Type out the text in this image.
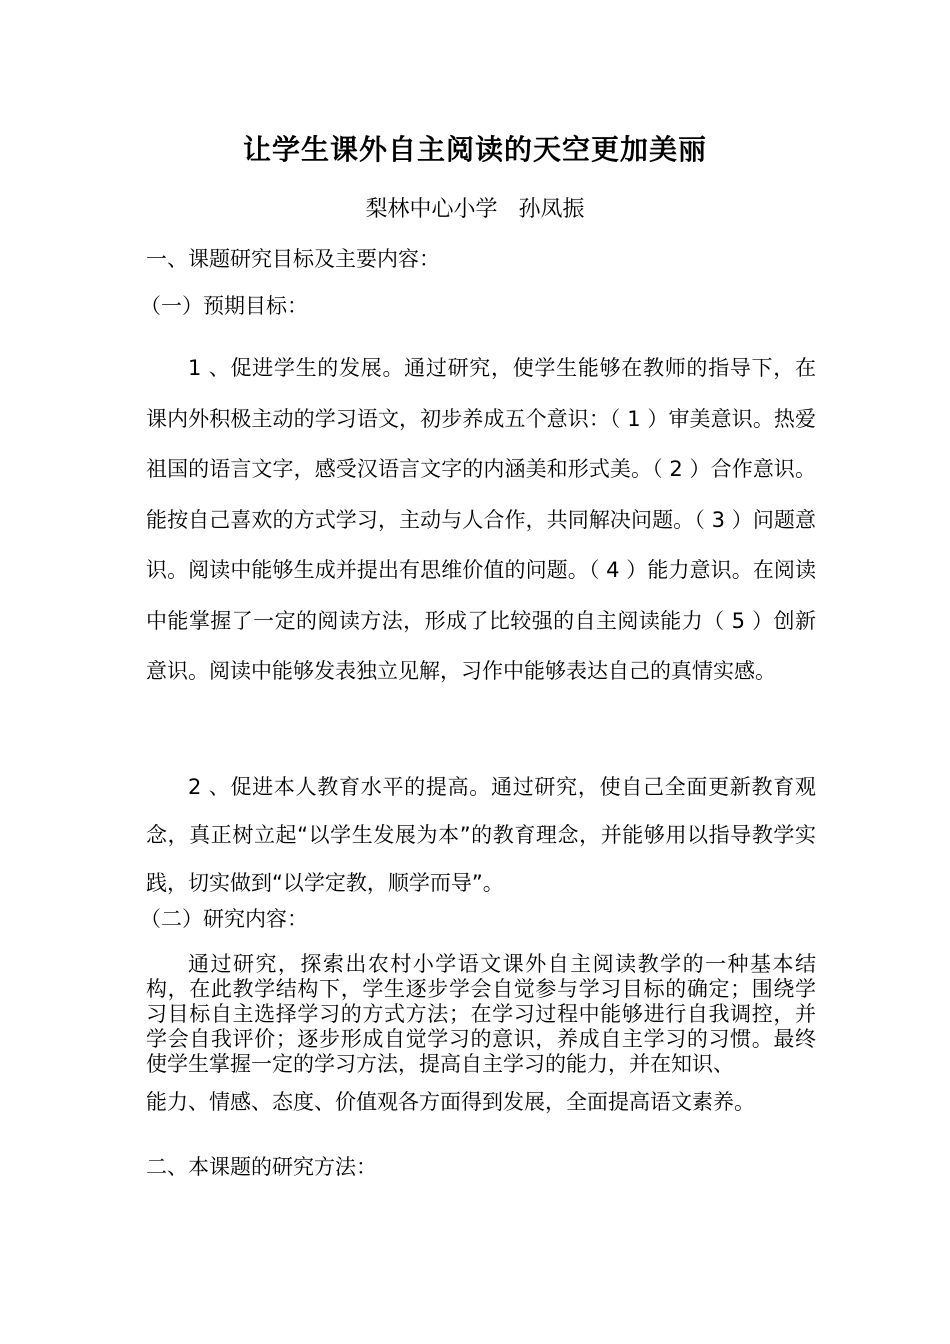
让学生课外自主阅读的天空更加美丽
梨林中心小学   孙凤振
一、课题研究目标及主要内容：
（一）预期目标：
1 、促进学生的发展。通过研究，使学生能够在教师的指导下，在课内外积极主动的学习语文，初步养成五个意识：（ 1 ）审美意识。热爱祖国的语言文字，感受汉语言文字的内涵美和形式美。（ 2 ）合作意识。能按自己喜欢的方式学习，主动与人合作，共同解决问题。（ 3 ）问题意识。阅读中能够生成并提出有思维价值的问题。（ 4 ）能力意识。在阅读中能掌握了一定的阅读方法，形成了比较强的自主阅读能力（ 5 ）创新意识。阅读中能够发表独立见解，习作中能够表达自己的真情实感。
2 、促进本人教育水平的提高。通过研究，使自己全面更新教育观念，真正树立起“以学生发展为本”的教育理念，并能够用以指导教学实践，切实做到“以学定教，顺学而导”。
（二）研究内容：
通过研究，探索出农村小学语文课外自主阅读教学的一种基本结构，在此教学结构下，学生逐步学会自觉参与学习目标的确定；围绕学习目标自主选择学习的方式方法；在学习过程中能够进行自我调控，并学会自我评价；逐步形成自觉学习的意识，养成自主学习的习惯。最终使学生掌握一定的学习方法，提高自主学习的能力，并在知识、
能力、情感、态度、价值观各方面得到发展，全面提高语文素养。
二、本课题的研究方法：
